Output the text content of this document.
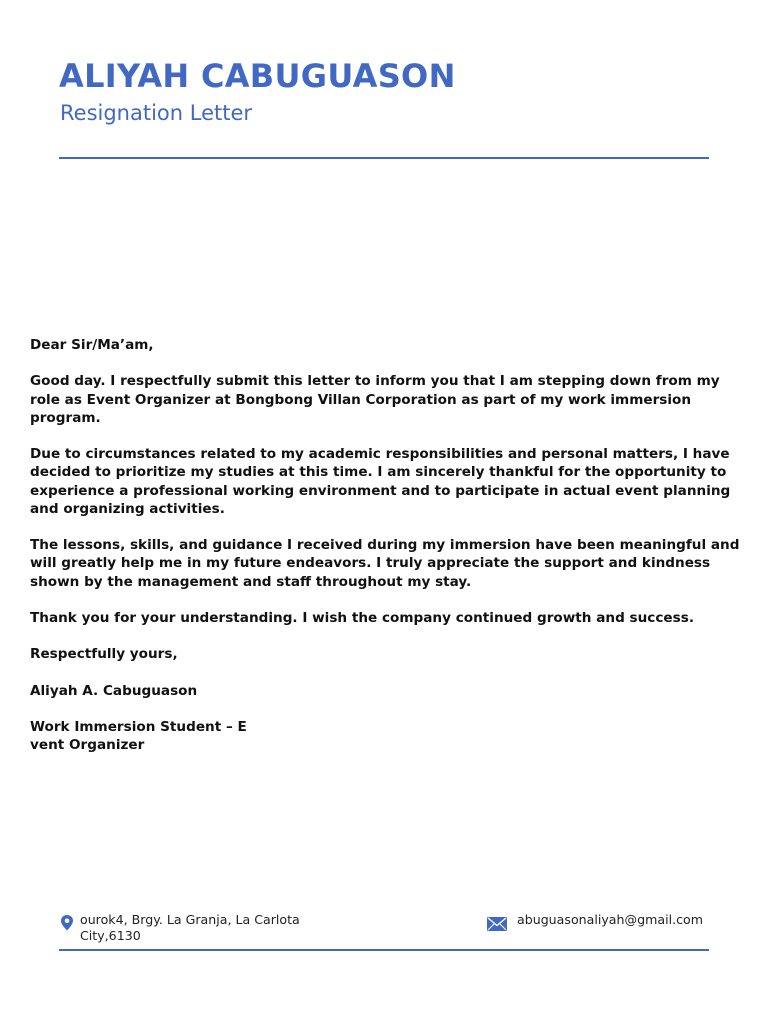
ALIYAH CABUGUASON
Resignation Letter

Dear Sir/Ma’am,

Good day. I respectfully submit this letter to inform you that I am stepping down from my role as Event Organizer at Bongbong Villan Corporation as part of my work immersion program.

Due to circumstances related to my academic responsibilities and personal matters, I have decided to prioritize my studies at this time. I am sincerely thankful for the opportunity to experience a professional working environment and to participate in actual event planning and organizing activities.

The lessons, skills, and guidance I received during my immersion have been meaningful and will greatly help me in my future endeavors. I truly appreciate the support and kindness shown by the management and staff throughout my stay.

Thank you for your understanding. I wish the company continued growth and success.

Respectfully yours,

Aliyah A. Cabuguason

Work Immersion Student – Event Organizer

ourok4, Brgy. La Granja, La Carlota City,6130
abuguasonaliyah@gmail.com
